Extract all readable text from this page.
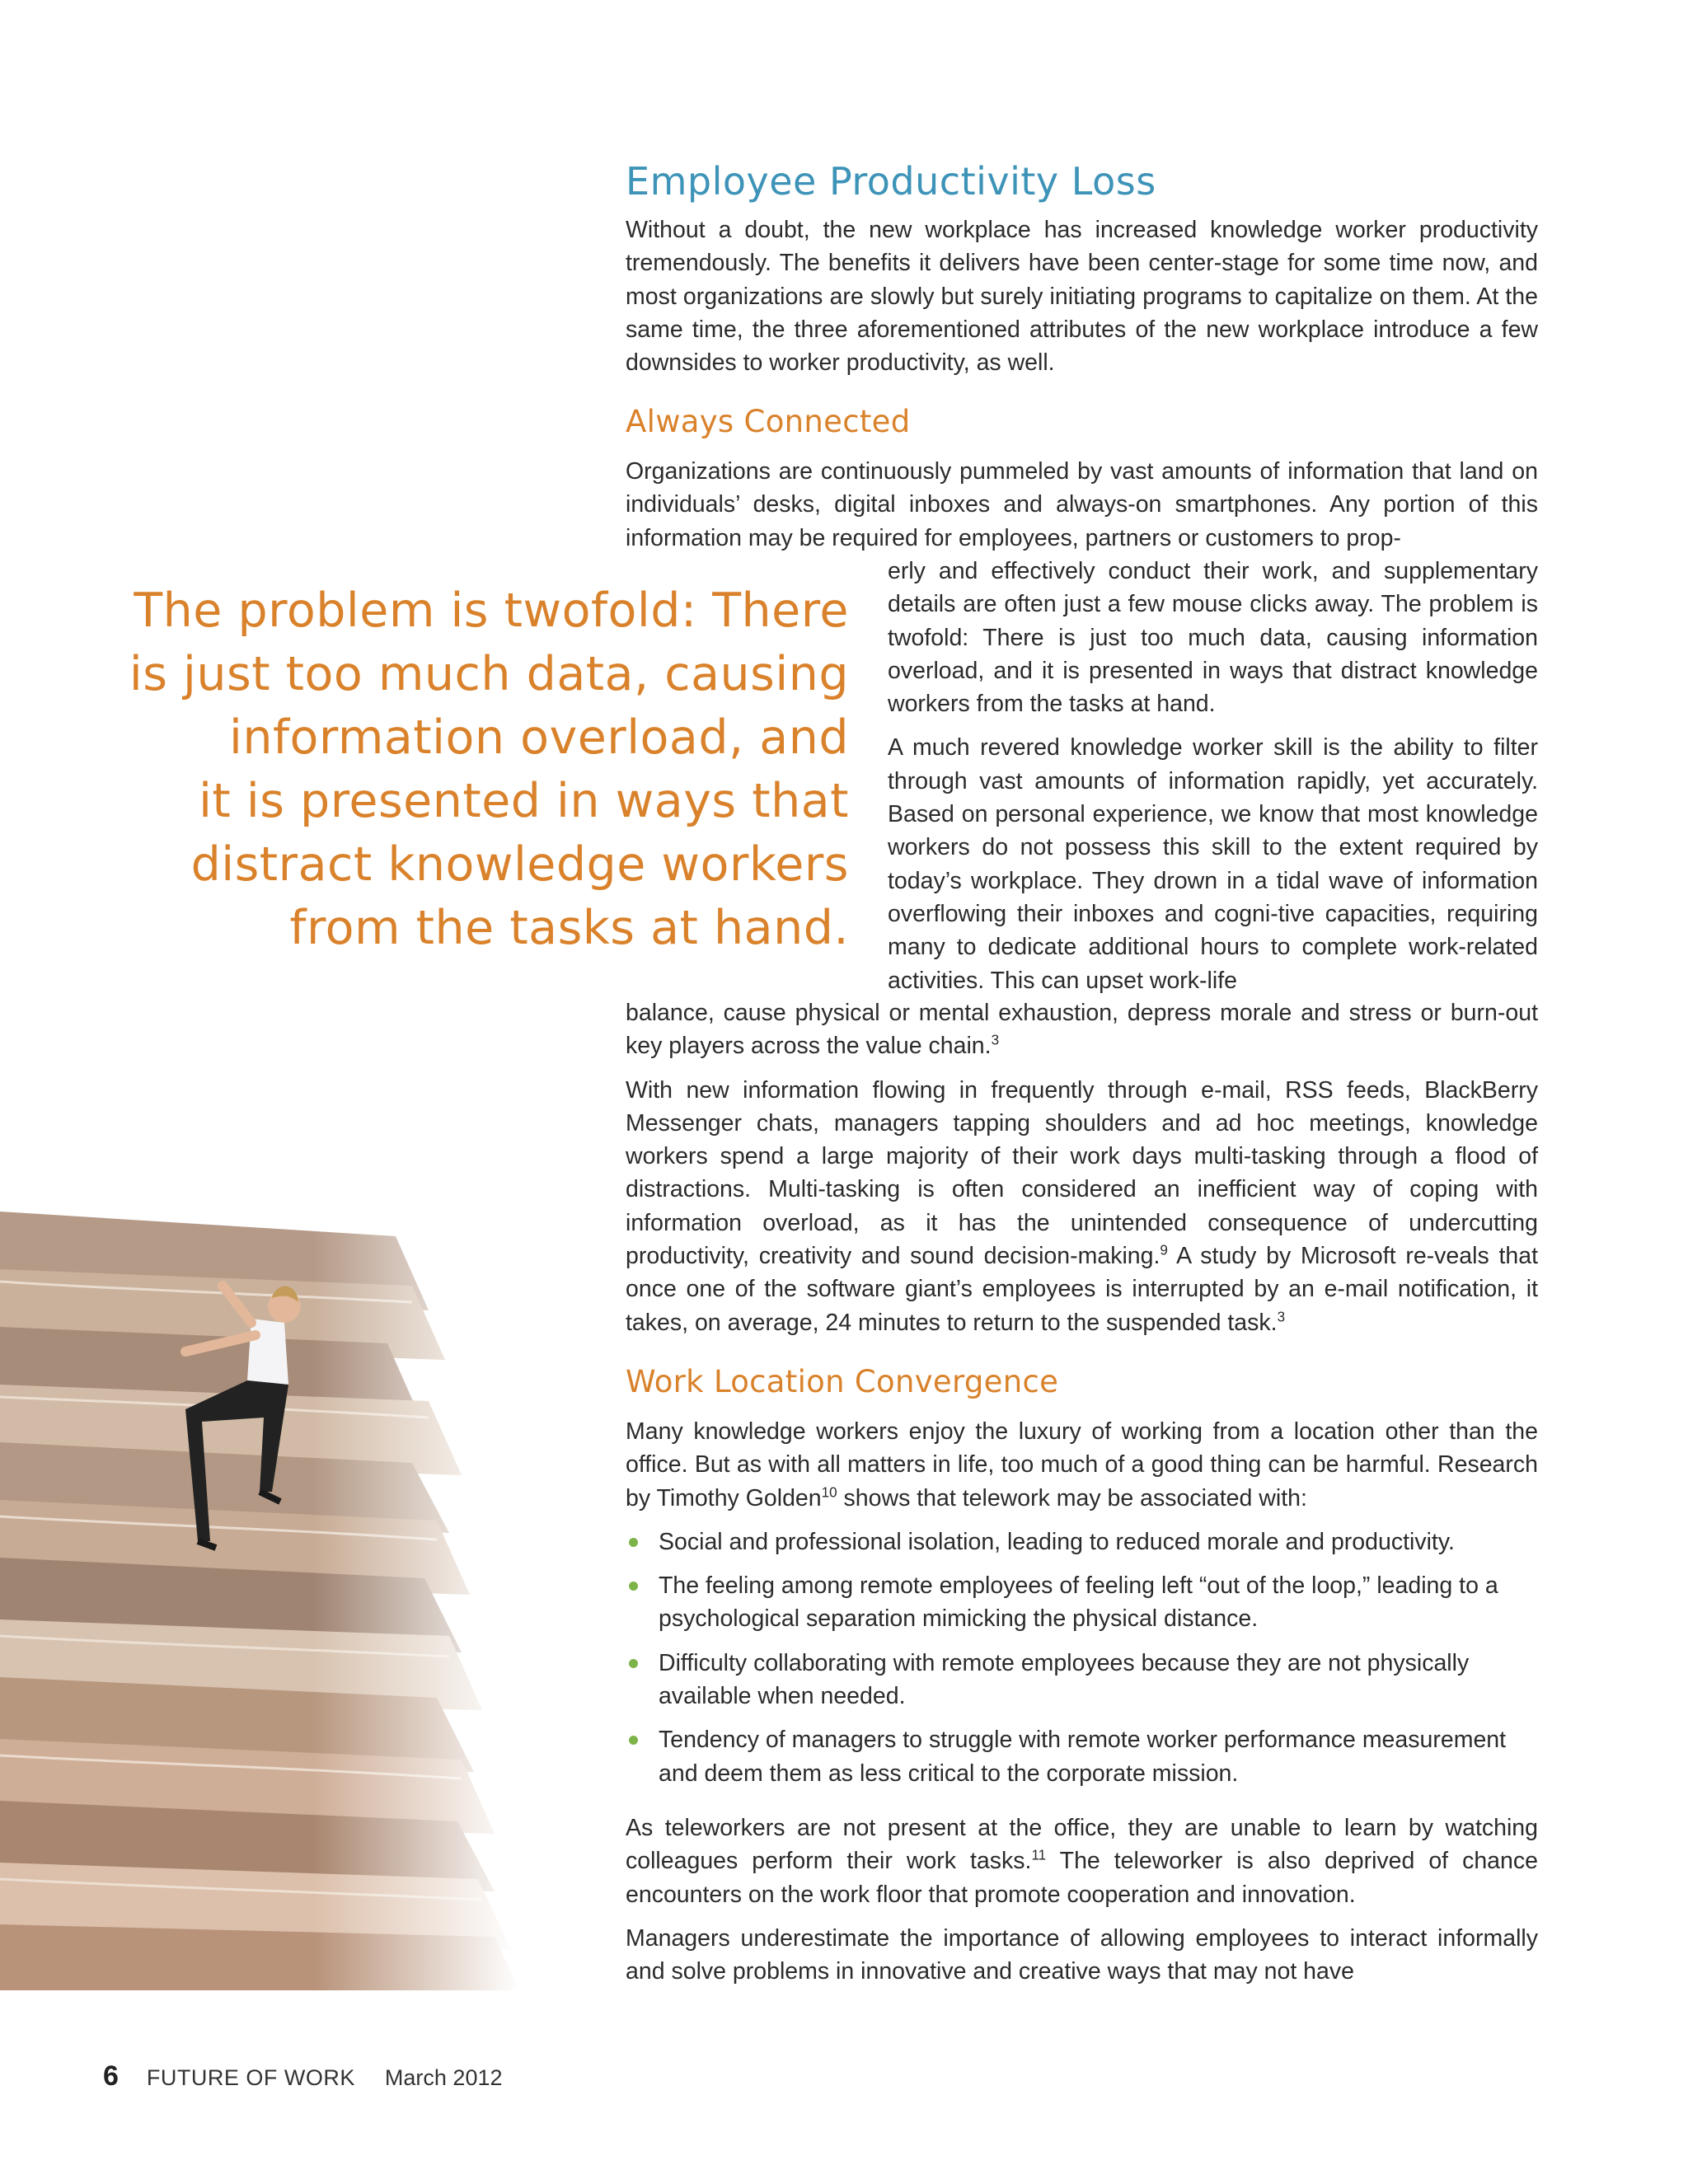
Employee Productivity Loss

Without a doubt, the new workplace has increased knowledge worker productivity tremendously. The benefits it delivers have been center-stage for some time now, and most organizations are slowly but surely initiating programs to capitalize on them. At the same time, the three aforementioned attributes of the new workplace introduce a few downsides to worker productivity, as well.

Always Connected

Organizations are continuously pummeled by vast amounts of information that land on individuals’ desks, digital inboxes and always-on smartphones. Any portion of this information may be required for employees, partners or customers to prop-

The problem is twofold: There
is just too much data, causing
information overload, and
it is presented in ways that
distract knowledge workers
from the tasks at hand.

erly and effectively conduct their work, and supplementary details are often just a few mouse clicks away. The problem is twofold: There is just too much data, causing information overload, and it is presented in ways that distract knowledge workers from the tasks at hand.

A much revered knowledge worker skill is the ability to filter through vast amounts of information rapidly, yet accurately. Based on personal experience, we know that most knowledge workers do not possess this skill to the extent required by today’s workplace. They drown in a tidal wave of information overflowing their inboxes and cogni-tive capacities, requiring many to dedicate additional hours to complete work-related activities. This can upset work-life

balance, cause physical or mental exhaustion, depress morale and stress or burn-out key players across the value chain.$^3$

With new information flowing in frequently through e-mail, RSS feeds, BlackBerry Messenger chats, managers tapping shoulders and ad hoc meetings, knowledge workers spend a large majority of their work days multi-tasking through a flood of distractions. Multi-tasking is often considered an inefficient way of coping with information overload, as it has the unintended consequence of undercutting productivity, creativity and sound decision-making.$^9$ A study by Microsoft re-veals that once one of the software giant’s employees is interrupted by an e-mail notification, it takes, on average, 24 minutes to return to the suspended task.$^3$

Work Location Convergence

Many knowledge workers enjoy the luxury of working from a location other than the office. But as with all matters in life, too much of a good thing can be harmful. Research by Timothy Golden$^{10}$ shows that telework may be associated with:

Social and professional isolation, leading to reduced morale and productivity.
The feeling among remote employees of feeling left “out of the loop,” leading to a psychological separation mimicking the physical distance.
Difficulty collaborating with remote employees because they are not physically available when needed.
Tendency of managers to struggle with remote worker performance measurement and deem them as less critical to the corporate mission.

As teleworkers are not present at the office, they are unable to learn by watching colleagues perform their work tasks.$^{11}$ The teleworker is also deprived of chance encounters on the work floor that promote cooperation and innovation.

Managers underestimate the importance of allowing employees to interact informally and solve problems in innovative and creative ways that may not have

6 FUTURE OF WORK March 2012
